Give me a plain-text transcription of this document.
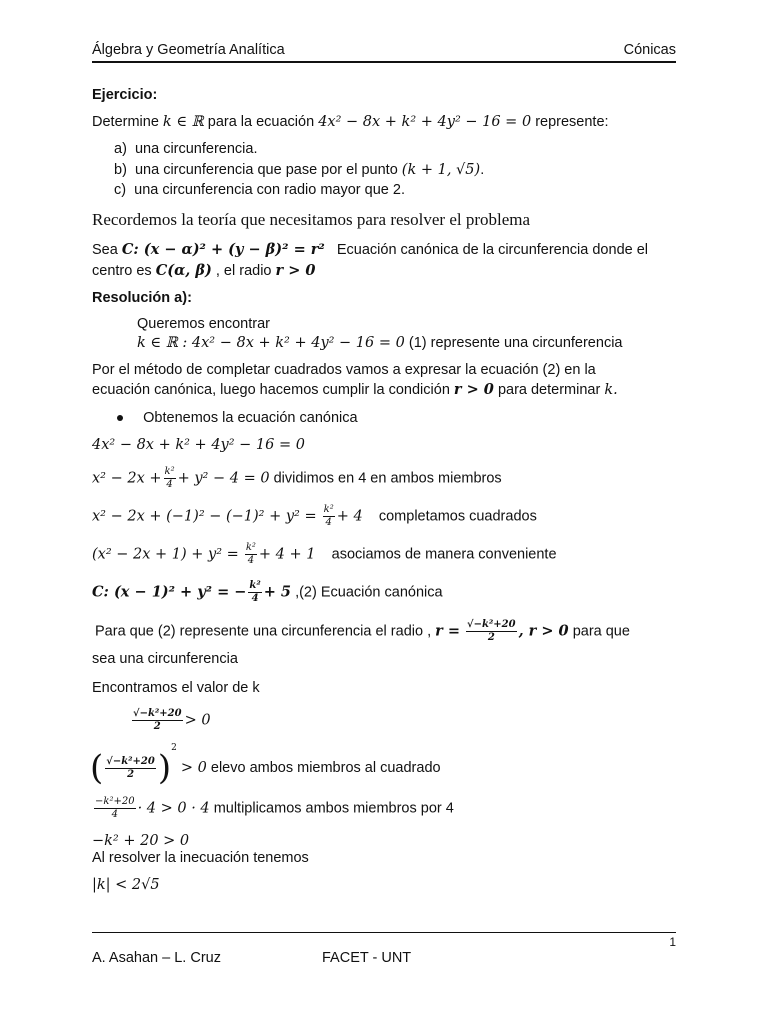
Álgebra y Geometría Analítica	Cónicas
Ejercicio:
Determine k ∈ ℝ para la ecuación 4x² − 8x + k² + 4y² − 16 = 0 represente:
a) una circunferencia.
b) una circunferencia que pase por el punto (k + 1, √5).
c) una circunferencia con radio mayor que 2.
Recordemos la teoría que necesitamos para resolver el problema
Sea C: (x − α)² + (y − β)² = r² Ecuación canónica de la circunferencia donde el
centro es C(α, β) , el radio r > 0
Resolución a):
Queremos encontrar
k ∈ ℝ : 4x² − 8x + k² + 4y² − 16 = 0 (1) represente una circunferencia
Por el método de completar cuadrados vamos a expresar la ecuación (2) en la
ecuación canónica, luego hacemos cumplir la condición r > 0 para determinar k.
Obtenemos la ecuación canónica
4x² − 8x + k² + 4y² − 16 = 0
$x^2 - 2x + \frac{\text{k²}}{4} + y^2 - 4 = 0$ dividimos en 4 en ambos miembros
$x^2 - 2x + (-1)^2 - (-1)^2 + y^2 = \frac{\text{k²}}{4} + 4$ completamos cuadrados
$(x^2 - 2x + 1) + y^2 = \frac{\text{k²}}{4} + 4 + 1$ asociamos de manera conveniente
C: (x − 1)² + y² = − $\frac{\text{k²}}{4} + 5$ ,(2) Ecuación canónica
Para que (2) represente una circunferencia el radio , $r = \frac{\text{√−k²+20}}{2}$ , r > 0 para que
sea una circunferencia
Encontramos el valor de k
$\frac{\text{√−k²+20}}{2} > 0$
( $\frac{\text{√−k²+20}}{2} )^2 > 0$ elevo ambos miembros al cuadrado
$\frac{\text{−k²+20}}{4} \cdot 4 > 0 \cdot 4$ multiplicamos ambos miembros por 4
−k² + 20 > 0
Al resolver la inecuación tenemos
|k| < 2√5
1
A. Asahan – L. Cruz	FACET - UNT
